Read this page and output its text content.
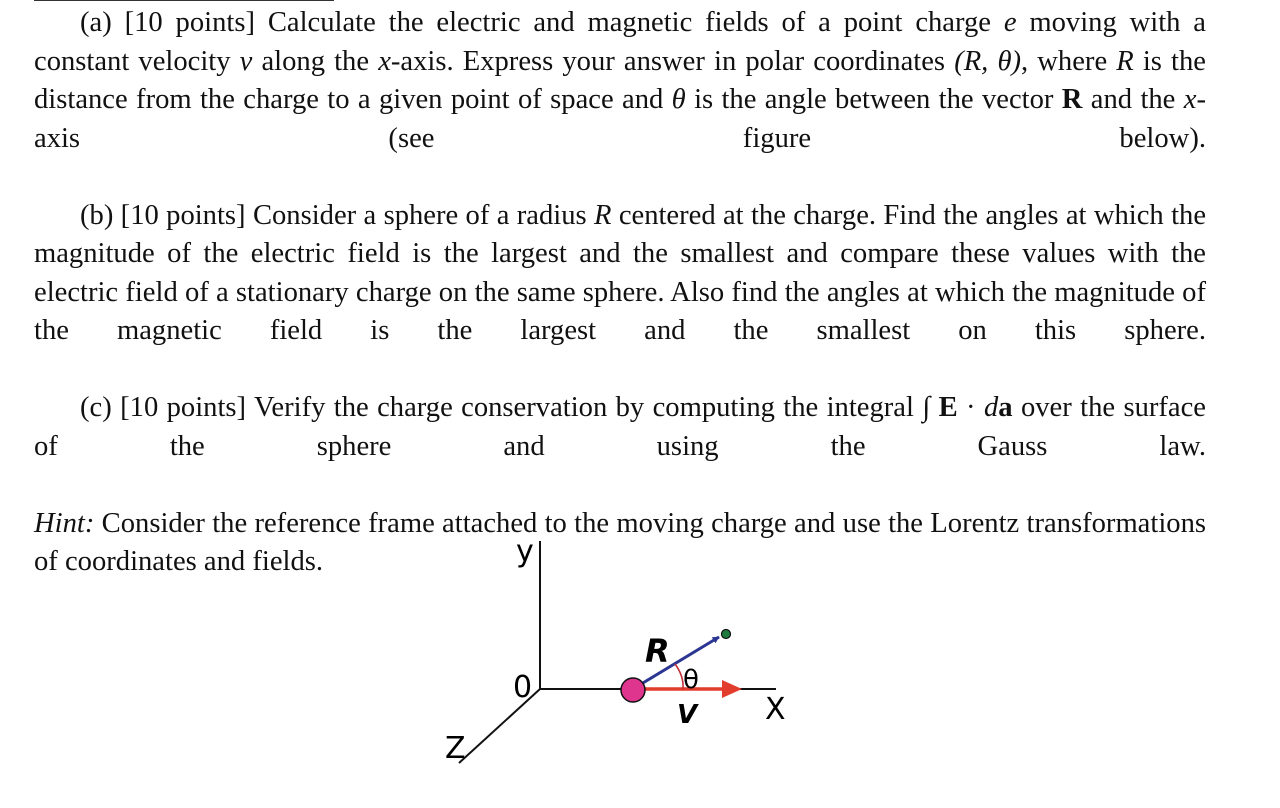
(a) [10 points] Calculate the electric and magnetic fields of a point charge e moving with a constant velocity v along the x-axis. Express your answer in polar coordinates (R, θ), where R is the distance from the charge to a given point of space and θ is the angle between the vector R and the x-axis (see figure below).

(b) [10 points] Consider a sphere of a radius R centered at the charge. Find the angles at which the magnitude of the electric field is the largest and the smallest and compare these values with the electric field of a stationary charge on the same sphere. Also find the angles at which the magnitude of the magnetic field is the largest and the smallest on this sphere.

(c) [10 points] Verify the charge conservation by computing the integral ∫ E · da over the surface of the sphere and using the Gauss law.

Hint: Consider the reference frame attached to the moving charge and use the Lorentz transformations of coordinates and fields.	y
0
X
Z
R
θ
V
